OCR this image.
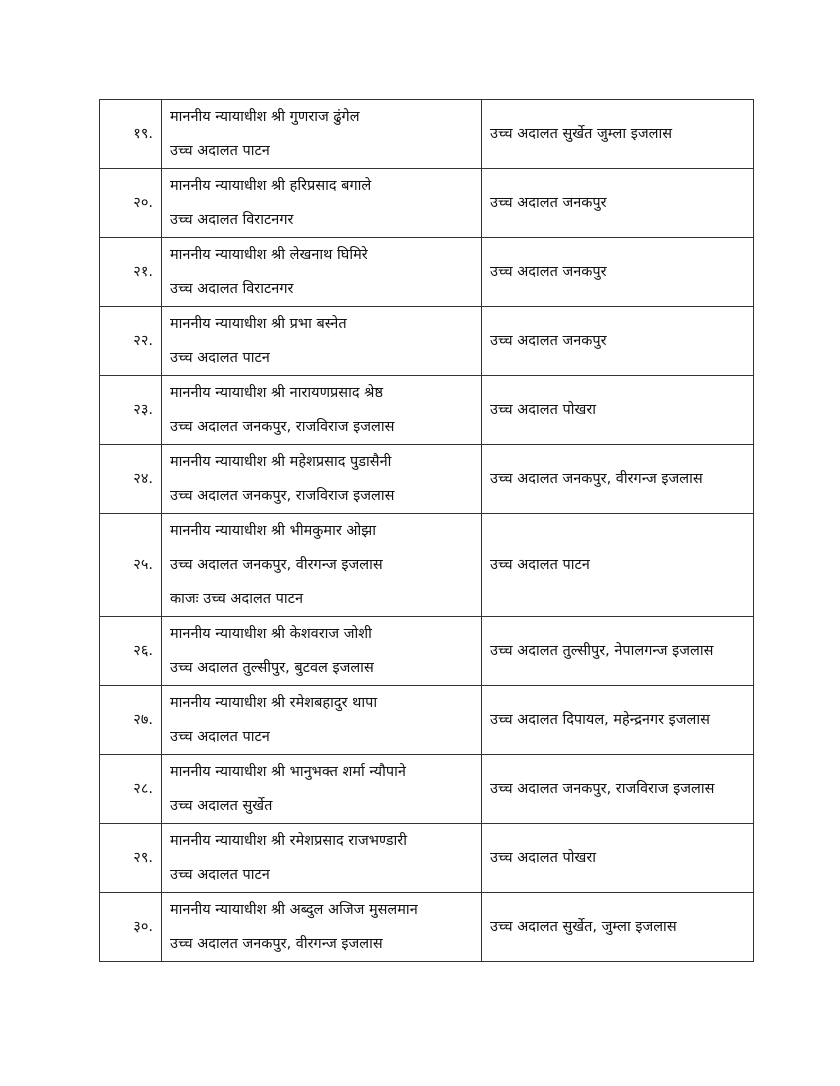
१९.	माननीय न्यायाधीश श्री गुणराज ढुंगेल
उच्च अदालत पाटन	उच्च अदालत सुर्खेत जुम्ला इजलास
२०.	माननीय न्यायाधीश श्री हरिप्रसाद बगाले
उच्च अदालत विराटनगर	उच्च अदालत जनकपुर
२१.	माननीय न्यायाधीश श्री लेखनाथ घिमिरे
उच्च अदालत विराटनगर	उच्च अदालत जनकपुर
२२.	माननीय न्यायाधीश श्री प्रभा बस्नेत
उच्च अदालत पाटन	उच्च अदालत जनकपुर
२३.	माननीय न्यायाधीश श्री नारायणप्रसाद श्रेष्ठ
उच्च अदालत जनकपुर, राजविराज इजलास	उच्च अदालत पोखरा
२४.	माननीय न्यायाधीश श्री महेशप्रसाद पुडासैनी
उच्च अदालत जनकपुर, राजविराज इजलास	उच्च अदालत जनकपुर, वीरगन्ज इजलास
२५.	माननीय न्यायाधीश श्री भीमकुमार ओझा
उच्च अदालत जनकपुर, वीरगन्ज इजलास
काजः उच्च अदालत पाटन	उच्च अदालत पाटन
२६.	माननीय न्यायाधीश श्री केशवराज जोशी
उच्च अदालत तुल्सीपुर, बुटवल इजलास	उच्च अदालत तुल्सीपुर, नेपालगन्ज इजलास
२७.	माननीय न्यायाधीश श्री रमेशबहादुर थापा
उच्च अदालत पाटन	उच्च अदालत दिपायल, महेन्द्रनगर इजलास
२८.	माननीय न्यायाधीश श्री भानुभक्त शर्मा न्यौपाने
उच्च अदालत सुर्खेत	उच्च अदालत जनकपुर, राजविराज इजलास
२९.	माननीय न्यायाधीश श्री रमेशप्रसाद राजभण्डारी
उच्च अदालत पाटन	उच्च अदालत पोखरा
३०.	माननीय न्यायाधीश श्री अब्दुल अजिज मुसलमान
उच्च अदालत जनकपुर, वीरगन्ज इजलास	उच्च अदालत सुर्खेत, जुम्ला इजलास
